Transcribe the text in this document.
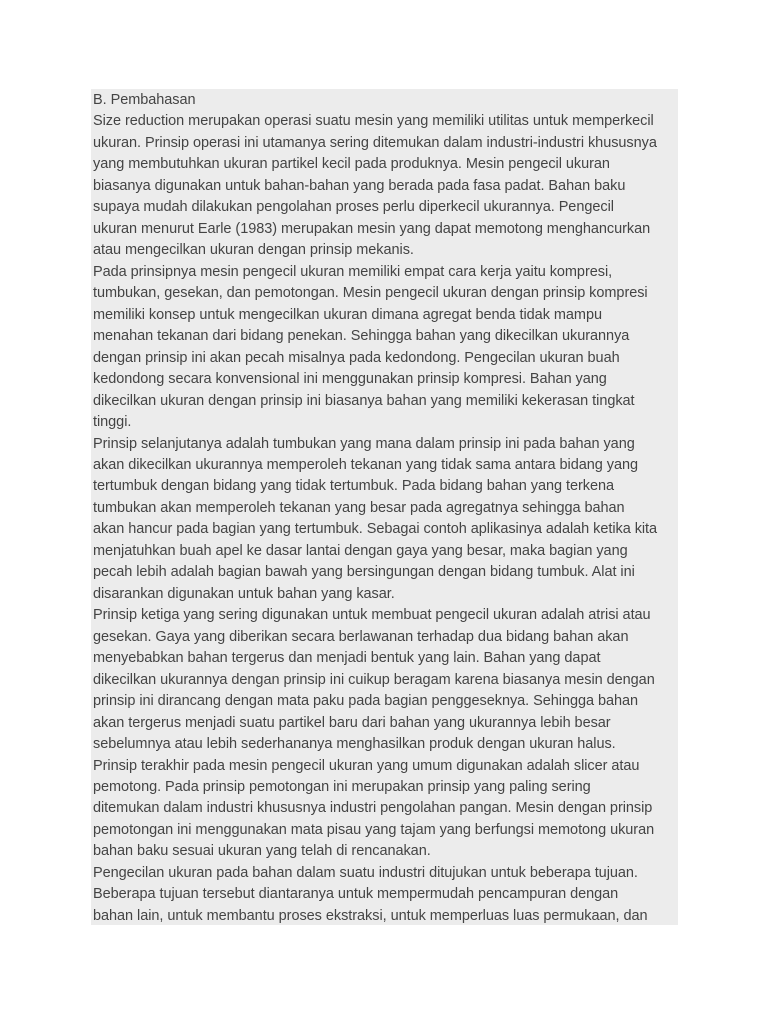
B. Pembahasan
Size reduction merupakan operasi suatu mesin yang memiliki utilitas untuk memperkecil
ukuran. Prinsip operasi ini utamanya sering ditemukan dalam industri-industri khususnya
yang membutuhkan ukuran partikel kecil pada produknya. Mesin pengecil ukuran
biasanya digunakan untuk bahan-bahan yang berada pada fasa padat. Bahan baku
supaya mudah dilakukan pengolahan proses perlu diperkecil ukurannya. Pengecil
ukuran menurut Earle (1983) merupakan mesin yang dapat memotong menghancurkan
atau mengecilkan ukuran dengan prinsip mekanis.
Pada prinsipnya mesin pengecil ukuran memiliki empat cara kerja yaitu kompresi,
tumbukan, gesekan, dan pemotongan. Mesin pengecil ukuran dengan prinsip kompresi
memiliki konsep untuk mengecilkan ukuran dimana agregat benda tidak mampu
menahan tekanan dari bidang penekan. Sehingga bahan yang dikecilkan ukurannya
dengan prinsip ini akan pecah misalnya pada kedondong. Pengecilan ukuran buah
kedondong secara konvensional ini menggunakan prinsip kompresi. Bahan yang
dikecilkan ukuran dengan prinsip ini biasanya bahan yang memiliki kekerasan tingkat
tinggi.
Prinsip selanjutanya adalah tumbukan yang mana dalam prinsip ini pada bahan yang
akan dikecilkan ukurannya memperoleh tekanan yang tidak sama antara bidang yang
tertumbuk dengan bidang yang tidak tertumbuk. Pada bidang bahan yang terkena
tumbukan akan memperoleh tekanan yang besar pada agregatnya sehingga bahan
akan hancur pada bagian yang tertumbuk. Sebagai contoh aplikasinya adalah ketika kita
menjatuhkan buah apel ke dasar lantai dengan gaya yang besar, maka bagian yang
pecah lebih adalah bagian bawah yang bersingungan dengan bidang tumbuk. Alat ini
disarankan digunakan untuk bahan yang kasar.
Prinsip ketiga yang sering digunakan untuk membuat pengecil ukuran adalah atrisi atau
gesekan. Gaya yang diberikan secara berlawanan terhadap dua bidang bahan akan
menyebabkan bahan tergerus dan menjadi bentuk yang lain. Bahan yang dapat
dikecilkan ukurannya dengan prinsip ini cuikup beragam karena biasanya mesin dengan
prinsip ini dirancang dengan mata paku pada bagian penggeseknya. Sehingga bahan
akan tergerus menjadi suatu partikel baru dari bahan yang ukurannya lebih besar
sebelumnya atau lebih sederhananya menghasilkan produk dengan ukuran halus.
Prinsip terakhir pada mesin pengecil ukuran yang umum digunakan adalah slicer atau
pemotong. Pada prinsip pemotongan ini merupakan prinsip yang paling sering
ditemukan dalam industri khususnya industri pengolahan pangan. Mesin dengan prinsip
pemotongan ini menggunakan mata pisau yang tajam yang berfungsi memotong ukuran
bahan baku sesuai ukuran yang telah di rencanakan.
Pengecilan ukuran pada bahan dalam suatu industri ditujukan untuk beberapa tujuan.
Beberapa tujuan tersebut diantaranya untuk mempermudah pencampuran dengan
bahan lain, untuk membantu proses ekstraksi, untuk memperluas luas permukaan, dan
